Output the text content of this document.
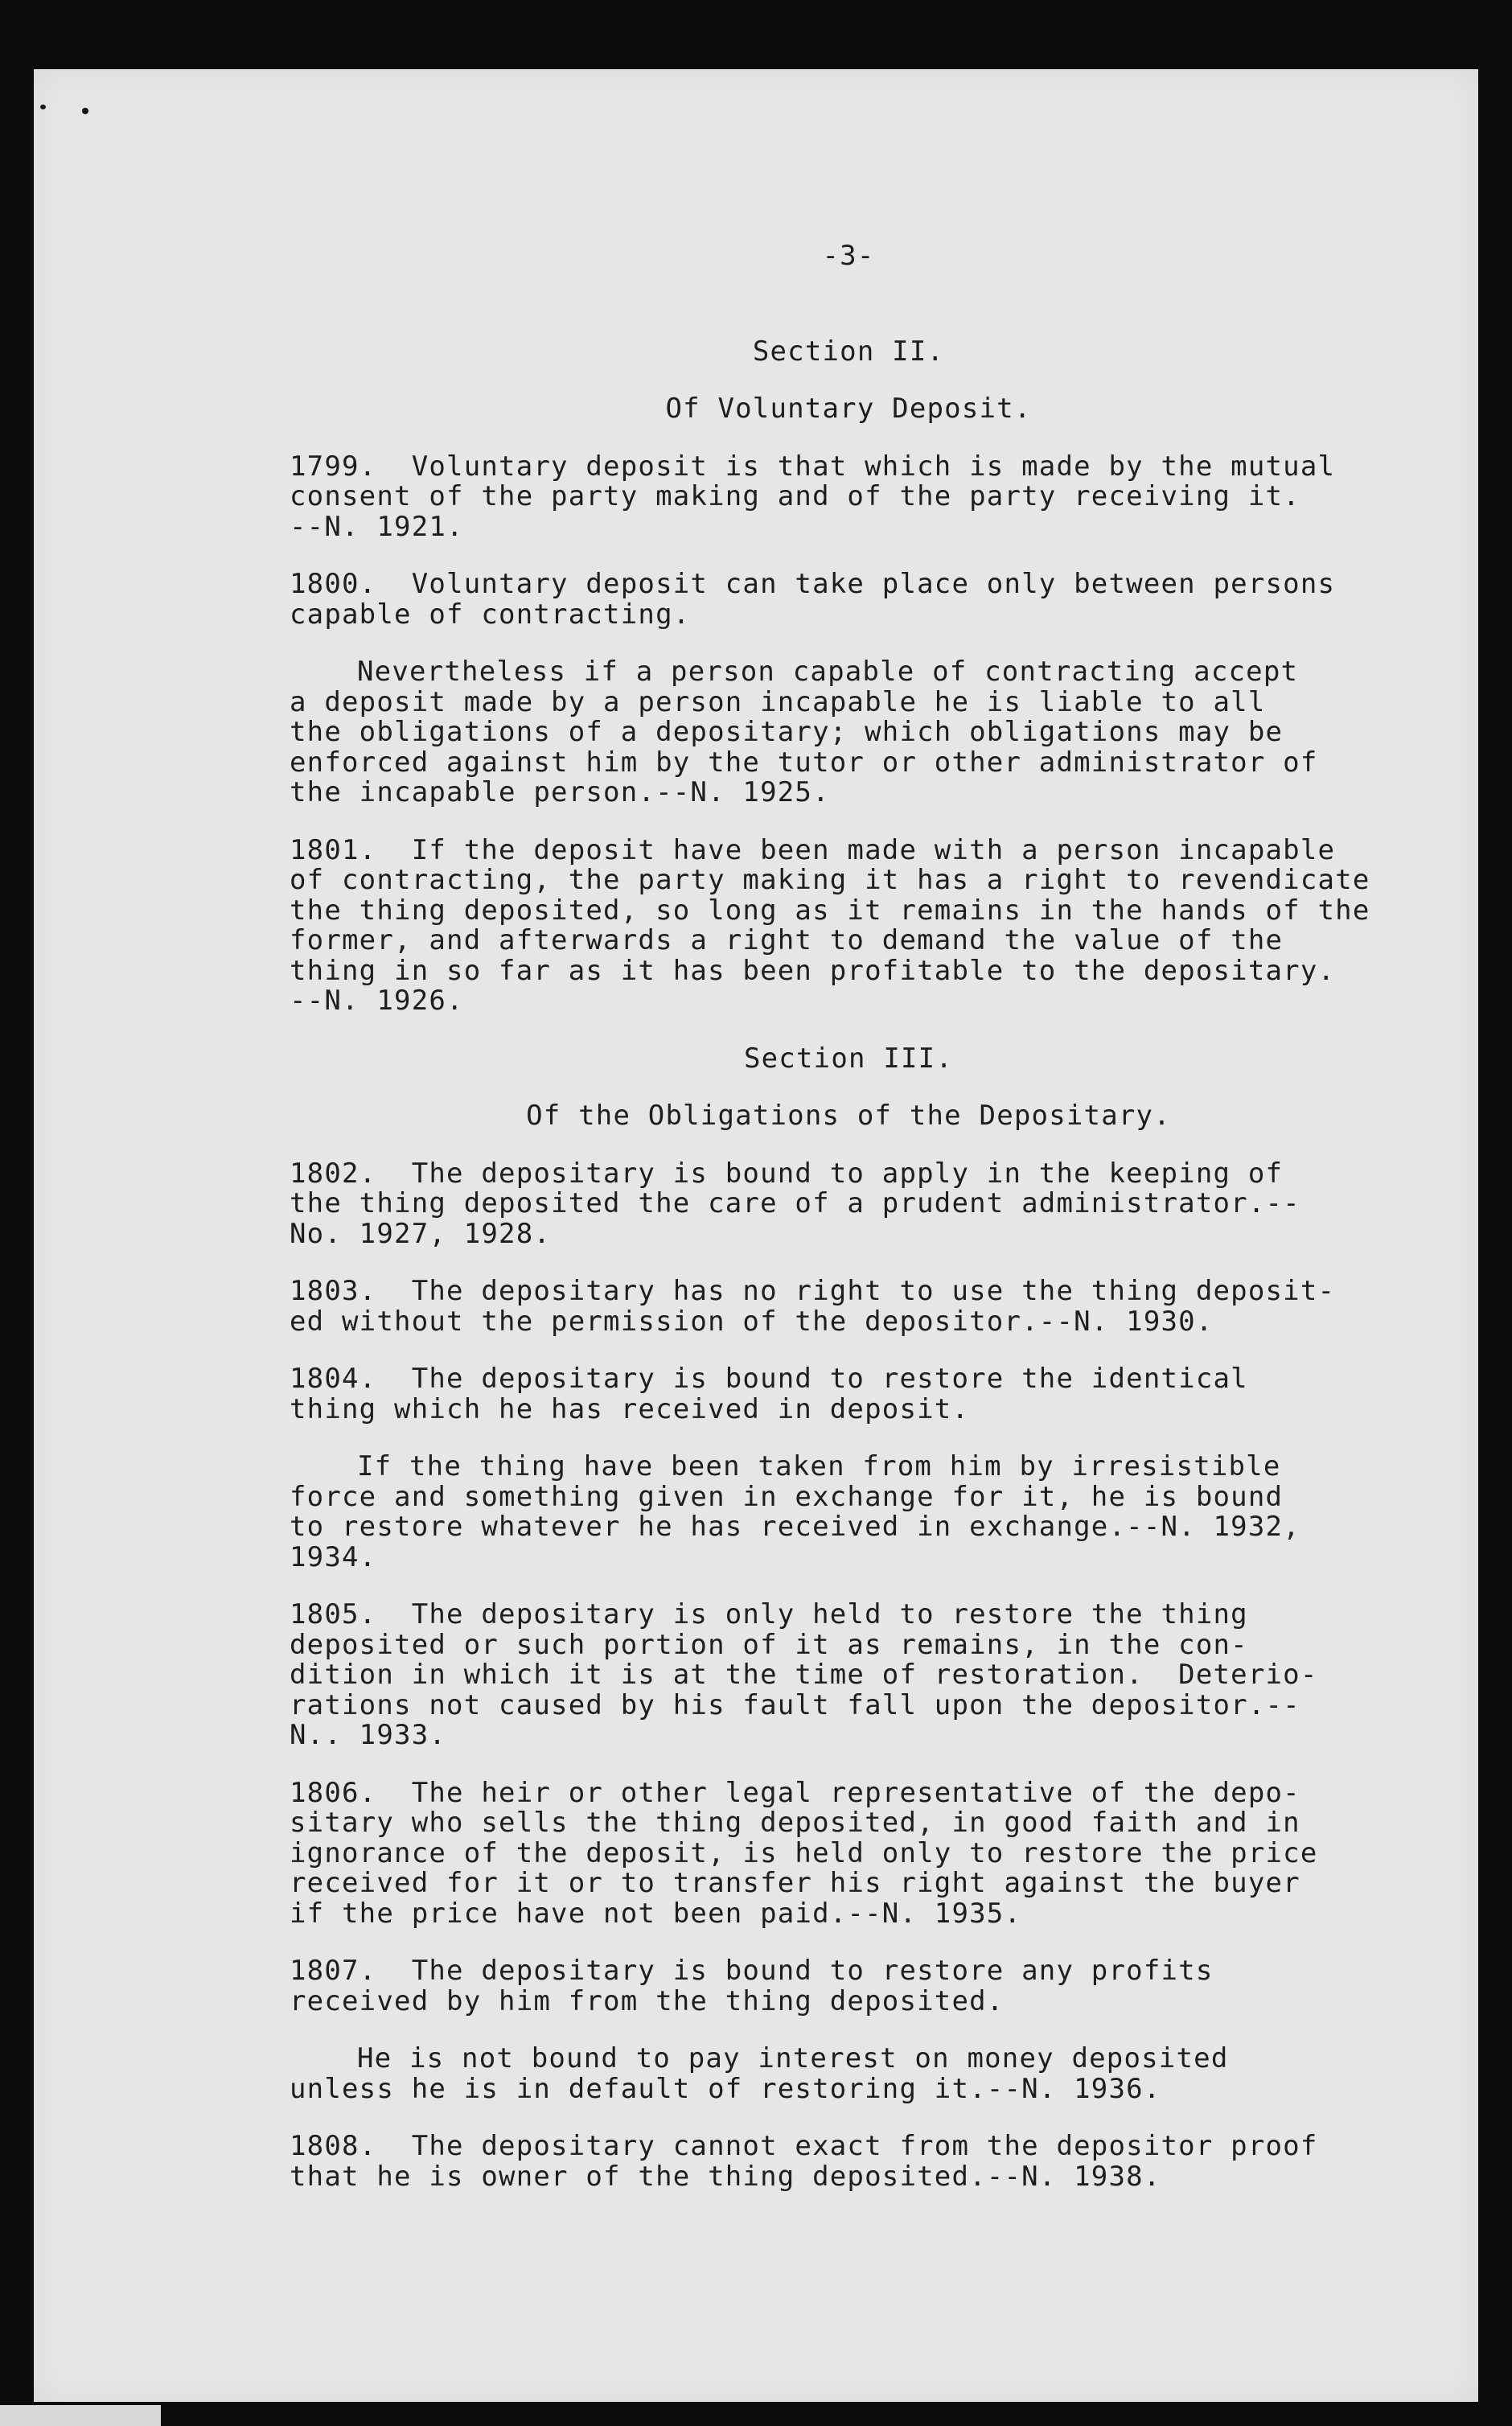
-3-
Section II.
Of Voluntary Deposit.
1799.  Voluntary deposit is that which is made by the mutual
consent of the party making and of the party receiving it.
--N. 1921.
1800.  Voluntary deposit can take place only between persons
capable of contracting.
Nevertheless if a person capable of contracting accept
a deposit made by a person incapable he is liable to all
the obligations of a depositary; which obligations may be
enforced against him by the tutor or other administrator of
the incapable person.--N. 1925.
1801.  If the deposit have been made with a person incapable
of contracting, the party making it has a right to revendicate
the thing deposited, so long as it remains in the hands of the
former, and afterwards a right to demand the value of the
thing in so far as it has been profitable to the depositary.
--N. 1926.
Section III.
Of the Obligations of the Depositary.
1802.  The depositary is bound to apply in the keeping of
the thing deposited the care of a prudent administrator.--
No. 1927, 1928.
1803.  The depositary has no right to use the thing deposit-
ed without the permission of the depositor.--N. 1930.
1804.  The depositary is bound to restore the identical
thing which he has received in deposit.
If the thing have been taken from him by irresistible
force and something given in exchange for it, he is bound
to restore whatever he has received in exchange.--N. 1932,
1934.
1805.  The depositary is only held to restore the thing
deposited or such portion of it as remains, in the con-
dition in which it is at the time of restoration.  Deterio-
rations not caused by his fault fall upon the depositor.--
N.. 1933.
1806.  The heir or other legal representative of the depo-
sitary who sells the thing deposited, in good faith and in
ignorance of the deposit, is held only to restore the price
received for it or to transfer his right against the buyer
if the price have not been paid.--N. 1935.
1807.  The depositary is bound to restore any profits
received by him from the thing deposited.
He is not bound to pay interest on money deposited
unless he is in default of restoring it.--N. 1936.
1808.  The depositary cannot exact from the depositor proof
that he is owner of the thing deposited.--N. 1938.
